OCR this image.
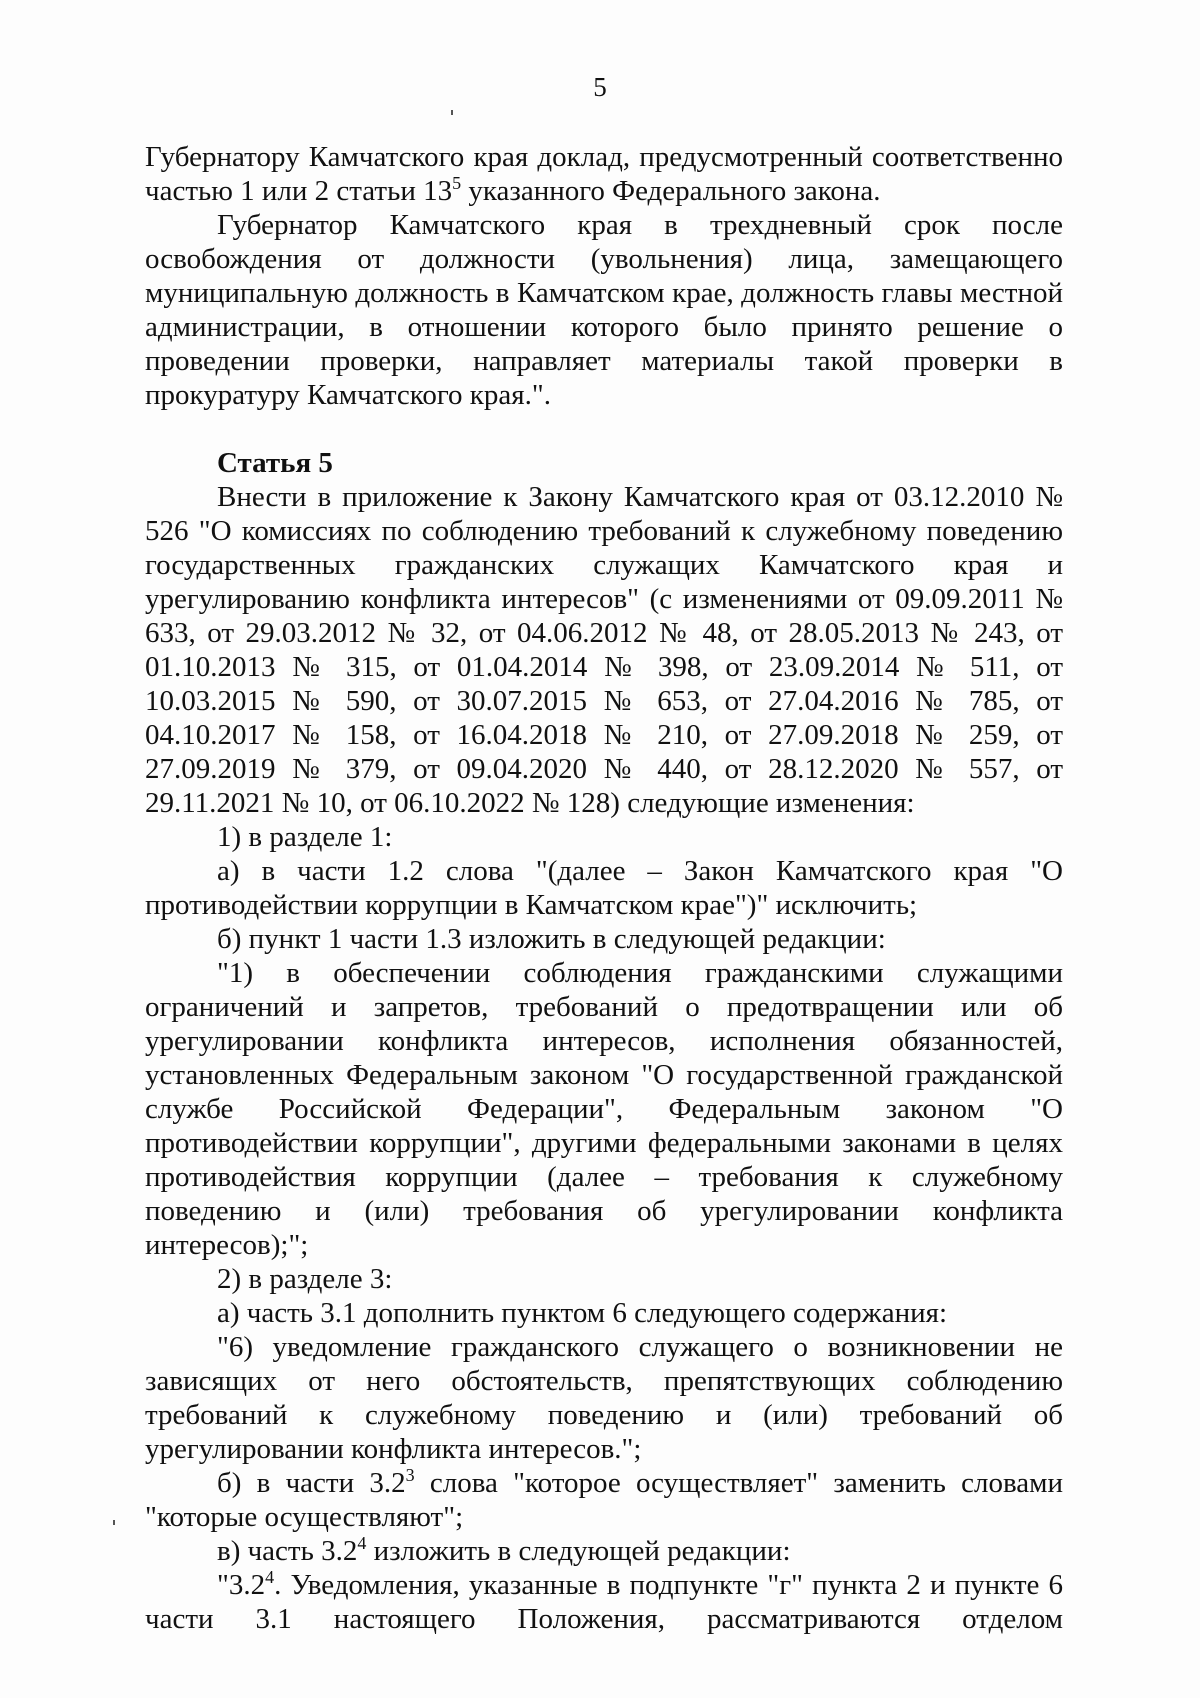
5

Губернатору Камчатского края доклад, предусмотренный соответственно частью 1 или 2 статьи $13^5$ указанного Федерального закона.

Губернатор Камчатского края в трехдневный срок после освобождения от должности (увольнения) лица, замещающего муниципальную должность в Камчатском крае, должность главы местной администрации, в отношении которого было принято решение о проведении проверки, направляет материалы такой проверки в прокуратуру Камчатского края.".

Статья 5

Внести в приложение к Закону Камчатского края от 03.12.2010 № 526 "О комиссиях по соблюдению требований к служебному поведению государственных гражданских служащих Камчатского края и урегулированию конфликта интересов" (с изменениями от 09.09.2011 № 633, от 29.03.2012 № 32, от 04.06.2012 № 48, от 28.05.2013 № 243, от 01.10.2013 № 315, от 01.04.2014 № 398, от 23.09.2014 № 511, от 10.03.2015 № 590, от 30.07.2015 № 653, от 27.04.2016 № 785, от 04.10.2017 № 158, от 16.04.2018 № 210, от 27.09.2018 № 259, от 27.09.2019 № 379, от 09.04.2020 № 440, от 28.12.2020 № 557, от 29.11.2021 № 10, от 06.10.2022 № 128) следующие изменения:

1) в разделе 1:

а) в части 1.2 слова "(далее – Закон Камчатского края "О противодействии коррупции в Камчатском крае")" исключить;

б) пункт 1 части 1.3 изложить в следующей редакции:

"1) в обеспечении соблюдения гражданскими служащими ограничений и запретов, требований о предотвращении или об урегулировании конфликта интересов, исполнения обязанностей, установленных Федеральным законом "О государственной гражданской службе Российской Федерации", Федеральным законом "О противодействии коррупции", другими федеральными законами в целях противодействия коррупции (далее – требования к служебному поведению и (или) требования об урегулировании конфликта интересов);";

2) в разделе 3:

а) часть 3.1 дополнить пунктом 6 следующего содержания:

"6) уведомление гражданского служащего о возникновении не зависящих от него обстоятельств, препятствующих соблюдению требований к служебному поведению и (или) требований об урегулировании конфликта интересов.";

б) в части $3.2^3$ слова "которое осуществляет" заменить словами "которые осуществляют";

в) часть $3.2^4$ изложить в следующей редакции:

"$3.2^4$. Уведомления, указанные в подпункте "г" пункта 2 и пункте 6 части 3.1 настоящего Положения, рассматриваются отделом
